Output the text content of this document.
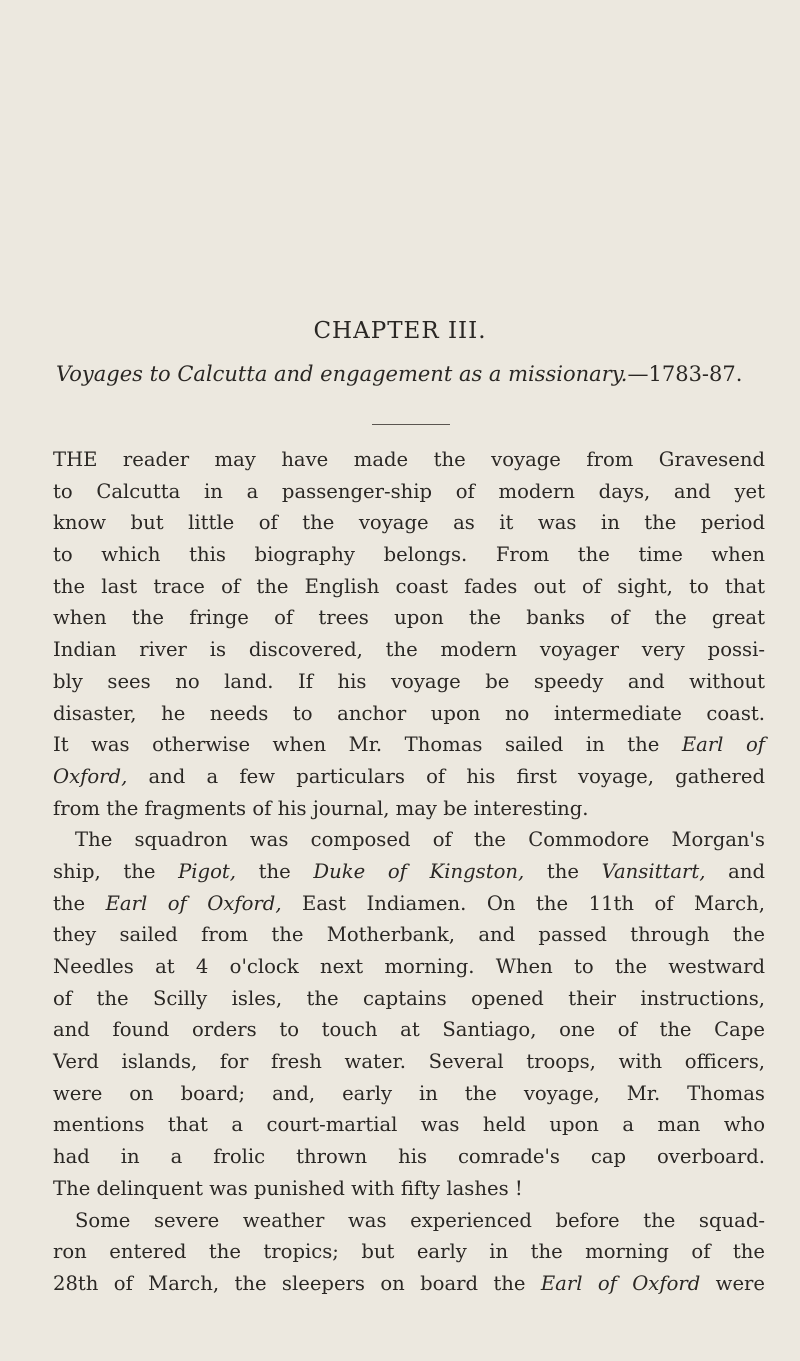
CHAPTER III.
Voyages to Calcutta and engagement as a missionary.—1783-87.
THE reader may have made the voyage from Gravesend
to Calcutta in a passenger-ship of modern days, and yet
know but little of the voyage as it was in the period
to which this biography belongs. From the time when
the last trace of the English coast fades out of sight, to that
when the fringe of trees upon the banks of the great
Indian river is discovered, the modern voyager very possi-
bly sees no land. If his voyage be speedy and without
disaster, he needs to anchor upon no intermediate coast.
It was otherwise when Mr. Thomas sailed in the Earl of
Oxford, and a few particulars of his first voyage, gathered
from the fragments of his journal, may be interesting.
The squadron was composed of the Commodore Morgan's
ship, the Pigot, the Duke of Kingston, the Vansittart, and
the Earl of Oxford, East Indiamen. On the 11th of March,
they sailed from the Motherbank, and passed through the
Needles at 4 o'clock next morning. When to the westward
of the Scilly isles, the captains opened their instructions,
and found orders to touch at Santiago, one of the Cape
Verd islands, for fresh water. Several troops, with officers,
were on board; and, early in the voyage, Mr. Thomas
mentions that a court-martial was held upon a man who
had in a frolic thrown his comrade's cap overboard.
The delinquent was punished with fifty lashes !
Some severe weather was experienced before the squad-
ron entered the tropics; but early in the morning of the
28th of March, the sleepers on board the Earl of Oxford were
